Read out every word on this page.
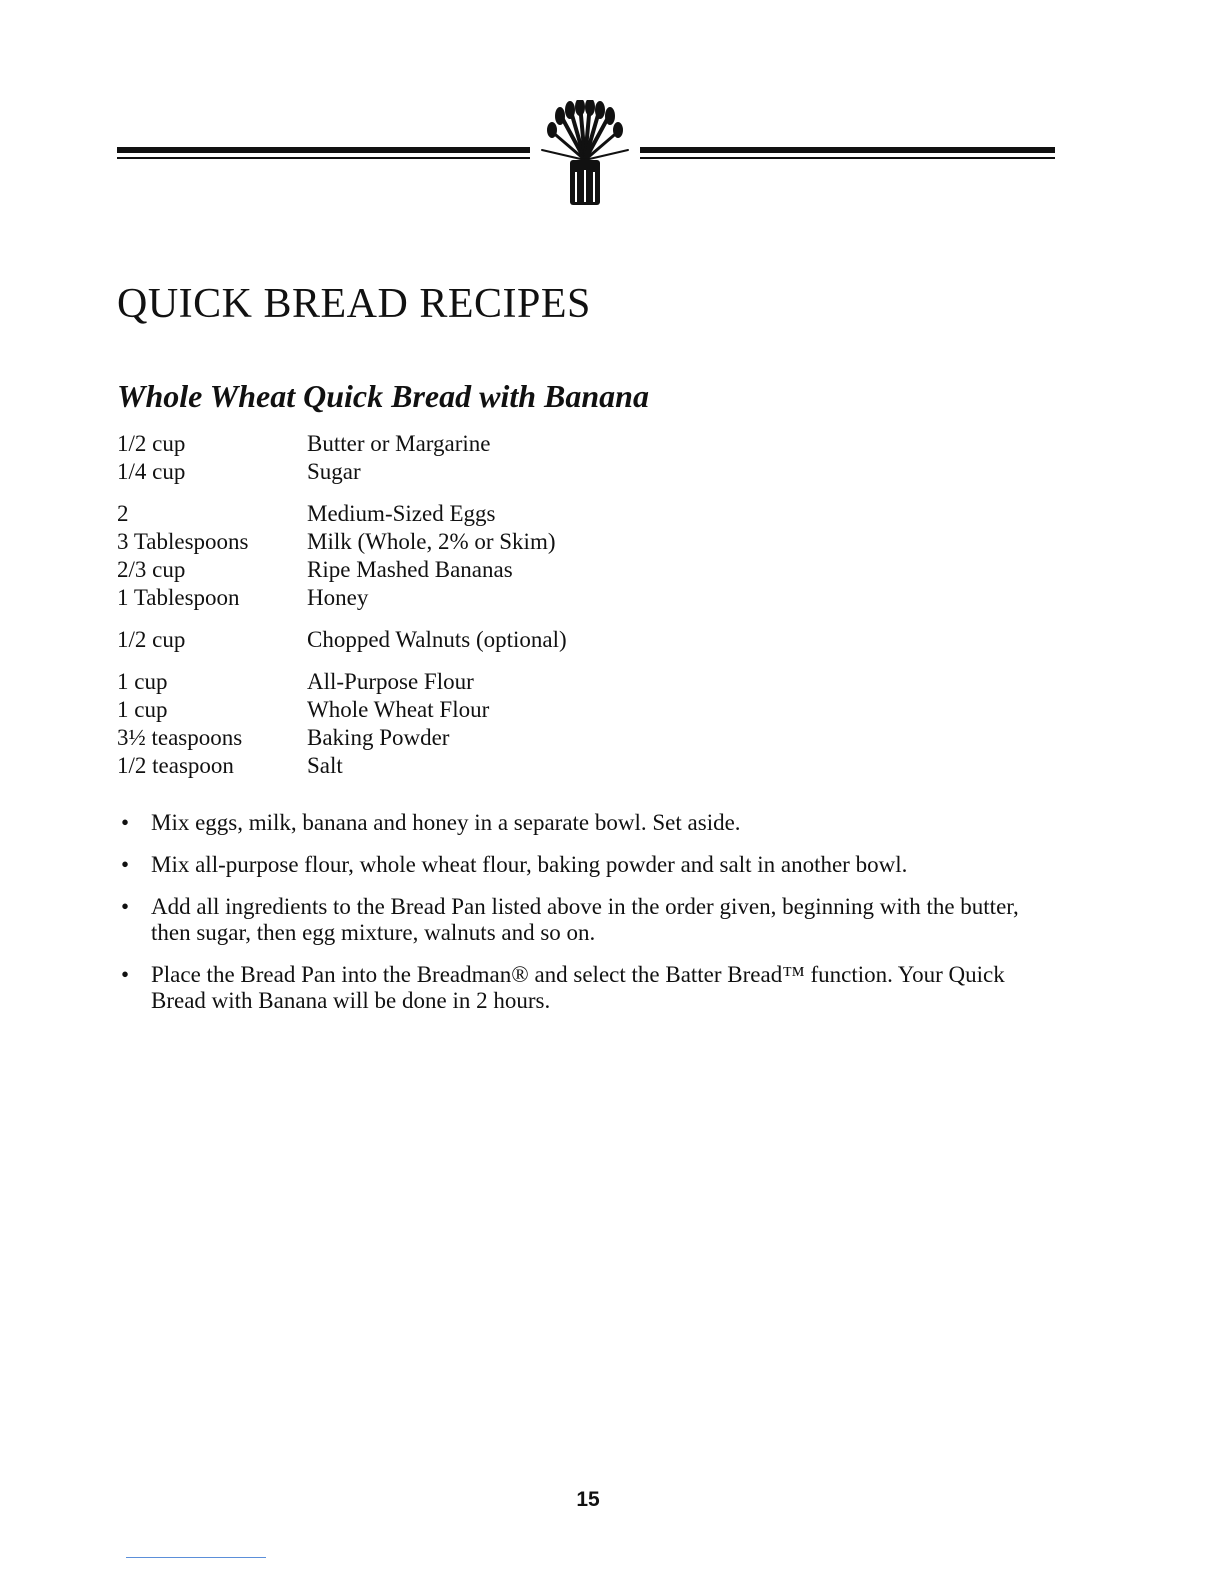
QUICK BREAD RECIPES
Whole Wheat Quick Bread with Banana
1/2 cup	Butter or Margarine
1/4 cup	Sugar
2	Medium-Sized Eggs
3 Tablespoons	Milk (Whole, 2% or Skim)
2/3 cup	Ripe Mashed Bananas
1 Tablespoon	Honey
1/2 cup	Chopped Walnuts (optional)
1 cup	All-Purpose Flour
1 cup	Whole Wheat Flour
3½ teaspoons	Baking Powder
1/2 teaspoon	Salt
• Mix eggs, milk, banana and honey in a separate bowl. Set aside.
• Mix all-purpose flour, whole wheat flour, baking powder and salt in another bowl.
• Add all ingredients to the Bread Pan listed above in the order given, beginning with the butter, then sugar, then egg mixture, walnuts and so on.
• Place the Bread Pan into the Breadman® and select the Batter Bread™ function. Your Quick Bread with Banana will be done in 2 hours.
15
